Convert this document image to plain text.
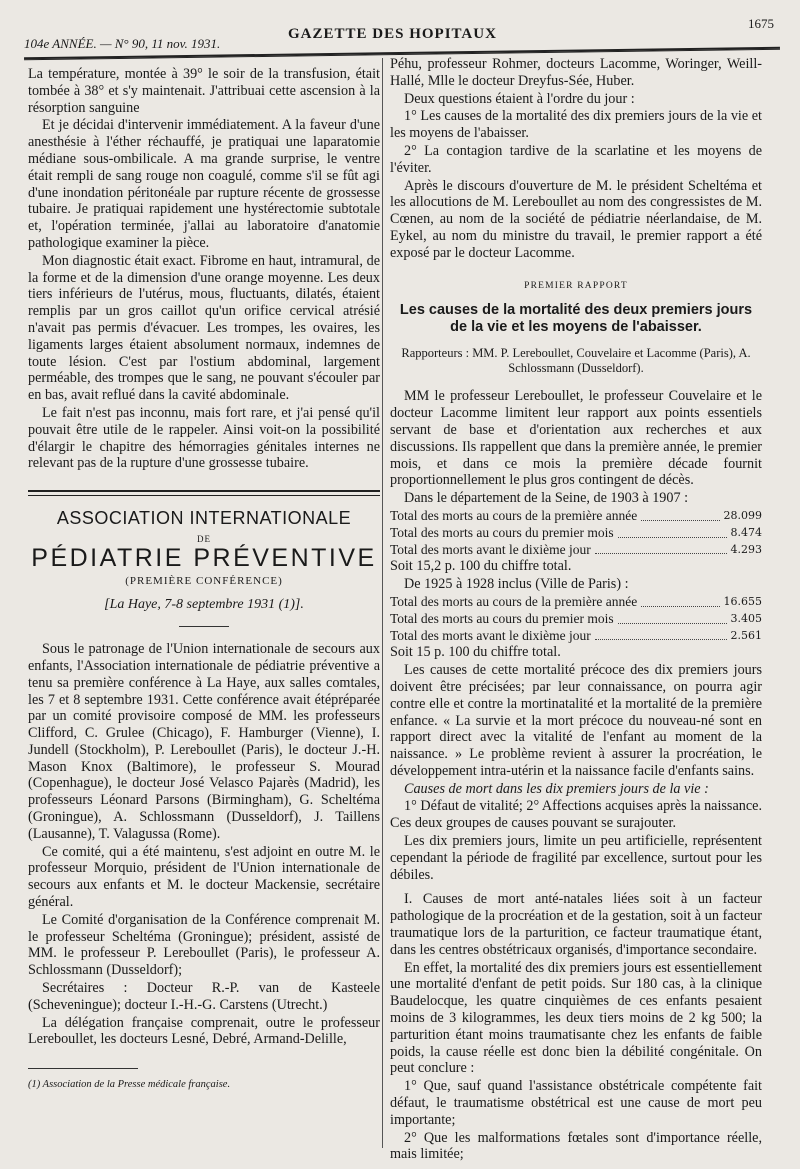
104e ANNÉE. — N° 90, 11 nov. 1931.
GAZETTE DES HOPITAUX
1675

La température, montée à 39° le soir de la transfusion, était tombée à 38° et s'y maintenait. J'attribuai cette ascension à la résorption sanguine

Et je décidai d'intervenir immédiatement. A la faveur d'une anesthésie à l'éther réchauffé, je pratiquai une laparatomie médiane sous-ombilicale. A ma grande surprise, le ventre était rempli de sang rouge non coagulé, comme s'il se fût agi d'une inondation péritonéale par rupture récente de grossesse tubaire. Je pratiquai rapidement une hystérectomie subtotale et, l'opération terminée, j'allai au laboratoire d'anatomie pathologique examiner la pièce.

Mon diagnostic était exact. Fibrome en haut, intramural, de la forme et de la dimension d'une orange moyenne. Les deux tiers inférieurs de l'utérus, mous, fluctuants, dilatés, étaient remplis par un gros caillot qu'un orifice cervical atrésié n'avait pas permis d'évacuer. Les trompes, les ovaires, les ligaments larges étaient absolument normaux, indemnes de toute lésion. C'est par l'ostium abdominal, largement perméable, des trompes que le sang, ne pouvant s'écouler par en bas, avait reflué dans la cavité abdominale.

Le fait n'est pas inconnu, mais fort rare, et j'ai pensé qu'il pouvait être utile de le rappeler. Ainsi voit-on la possibilité d'élargir le chapitre des hémorragies génitales internes ne relevant pas de la rupture d'une grossesse tubaire.

ASSOCIATION INTERNATIONALE
DE
PÉDIATRIE PRÉVENTIVE
(PREMIÈRE CONFÉRENCE)
[La Haye, 7-8 septembre 1931 (1)].

Sous le patronage de l'Union internationale de secours aux enfants, l'Association internationale de pédiatrie préventive a tenu sa première conférence à La Haye, aux salles comtales, les 7 et 8 septembre 1931. Cette conférence avait étépréparée par un comité provisoire composé de MM. les professeurs Clifford, C. Grulee (Chicago), F. Hamburger (Vienne), I. Jundell (Stockholm), P. Lereboullet (Paris), le docteur J.-H. Mason Knox (Baltimore), le professeur S. Mourad (Copenhague), le docteur José Velasco Pajarès (Madrid), les professeurs Léonard Parsons (Birmingham), G. Scheltéma (Groningue), A. Schlossmann (Dusseldorf), J. Taillens (Lausanne), T. Valagussa (Rome).

Ce comité, qui a été maintenu, s'est adjoint en outre M. le professeur Morquio, président de l'Union internationale de secours aux enfants et M. le docteur Mackensie, secrétaire général.

Le Comité d'organisation de la Conférence comprenait M. le professeur Scheltéma (Groningue); président, assisté de MM. le professeur P. Lereboullet (Paris), le professeur A. Schlossmann (Dusseldorf);

Secrétaires : Docteur R.-P. van de Kasteele (Scheveningue); docteur I.-H.-G. Carstens (Utrecht.)

La délégation française comprenait, outre le professeur Lereboullet, les docteurs Lesné, Debré, Armand-Delille,

(1) Association de la Presse médicale française.

Péhu, professeur Rohmer, docteurs Lacomme, Woringer, Weill-Hallé, Mlle le docteur Dreyfus-Sée, Huber.

Deux questions étaient à l'ordre du jour :

1° Les causes de la mortalité des dix premiers jours de la vie et les moyens de l'abaisser.

2° La contagion tardive de la scarlatine et les moyens de l'éviter.

Après le discours d'ouverture de M. le président Scheltéma et les allocutions de M. Lereboullet au nom des congressistes de M. Cœnen, au nom de la société de pédiatrie néerlandaise, de M. Eykel, au nom du ministre du travail, le premier rapport a été exposé par le docteur Lacomme.

PREMIER RAPPORT
Les causes de la mortalité des deux premiers jours de la vie et les moyens de l'abaisser.
Rapporteurs : MM. P. Lereboullet, Couvelaire et Lacomme (Paris), A. Schlossmann (Dusseldorf).

MM le professeur Lereboullet, le professeur Couvelaire et le docteur Lacomme limitent leur rapport aux points essentiels servant de base et d'orientation aux recherches et aux discussions. Ils rappellent que dans la première année, le premier mois, et dans ce mois la première décade fournit proportionnellement le plus gros contingent de décès.

Dans le département de la Seine, de 1903 à 1907 :

Total des morts au cours de la première année	28.099
Total des morts au cours du premier mois	8.474
Total des morts avant le dixième jour	4.293

Soit 15,2 p. 100 du chiffre total.

De 1925 à 1928 inclus (Ville de Paris) :

Total des morts au cours de la première année	16.655
Total des morts au cours du premier mois	3.405
Total des morts avant le dixième jour	2.561

Soit 15 p. 100 du chiffre total.

Les causes de cette mortalité précoce des dix premiers jours doivent être précisées; par leur connaissance, on pourra agir contre elle et contre la mortinatalité et la mortalité de la première enfance. « La survie et la mort précoce du nouveau-né sont en rapport direct avec la vitalité de l'enfant au moment de la naissance. » Le problème revient à assurer la procréation, le développement intra-utérin et la naissance facile d'enfants sains.

Causes de mort dans les dix premiers jours de la vie :

1° Défaut de vitalité; 2° Affections acquises après la naissance. Ces deux groupes de causes pouvant se surajouter.

Les dix premiers jours, limite un peu artificielle, représentent cependant la période de fragilité par excellence, surtout pour les débiles.

I. Causes de mort anté-natales liées soit à un facteur pathologique de la procréation et de la gestation, soit à un facteur traumatique lors de la parturition, ce facteur traumatique étant, dans les centres obstétricaux organisés, d'importance secondaire.

En effet, la mortalité des dix premiers jours est essentiellement une mortalité d'enfant de petit poids. Sur 180 cas, à la clinique Baudelocque, les quatre cinquièmes de ces enfants pesaient moins de 3 kilogrammes, les deux tiers moins de 2 kg 500; la parturition étant moins traumatisante chez les enfants de faible poids, la cause réelle est donc bien la débilité congénitale. On peut conclure :

1° Que, sauf quand l'assistance obstétricale compétente fait défaut, le traumatisme obstétrical est une cause de mort peu importante;

2° Que les malformations fœtales sont d'importance réelle, mais limitée;
